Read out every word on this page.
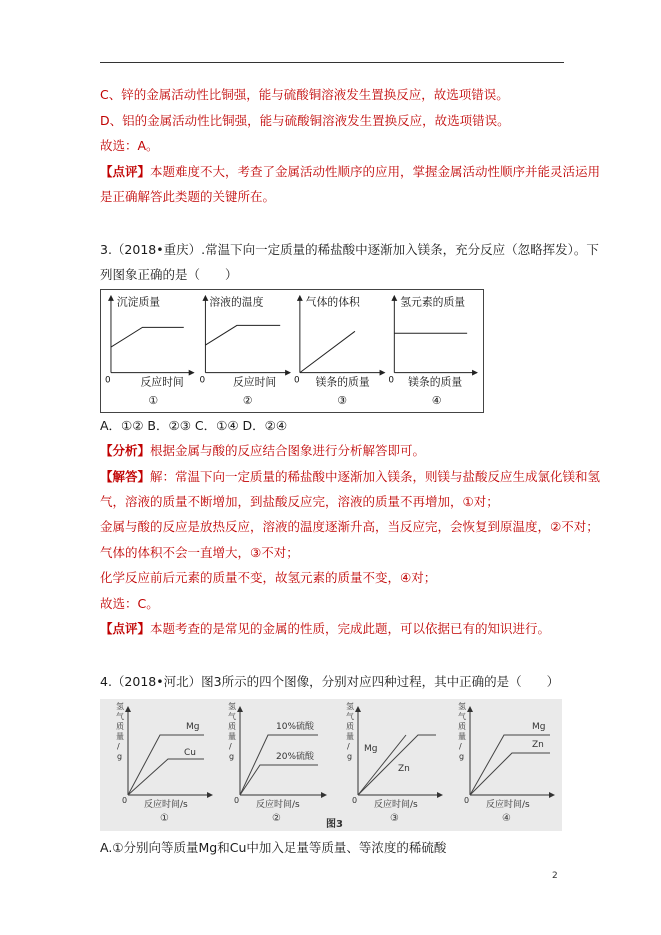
C、锌的金属活动性比铜强，能与硫酸铜溶液发生置换反应，故选项错误。
D、铝的金属活动性比铜强，能与硫酸铜溶液发生置换反应，故选项错误。
故选：A。
【点评】本题难度不大，考查了金属活动性顺序的应用，掌握金属活动性顺序并能灵活运用
是正确解答此类题的关键所在。
3.（2018•重庆）.常温下向一定质量的稀盐酸中逐渐加入镁条，充分反应（忽略挥发）。下
列图象正确的是（　　）
沉淀质量
0	反应时间
①
溶液的温度
0	反应时间
②
气体的体积
0 镁条的质量
③
氢元素的质量
0 镁条的质量
④
A．①② B．②③ C．①④ D．②④
【分析】根据金属与酸的反应结合图象进行分析解答即可。
【解答】解：常温下向一定质量的稀盐酸中逐渐加入镁条，则镁与盐酸反应生成氯化镁和氢
气，溶液的质量不断增加，到盐酸反应完，溶液的质量不再增加，①对；
金属与酸的反应是放热反应，溶液的温度逐渐升高，当反应完，会恢复到原温度，②不对；
气体的体积不会一直增大，③不对；
化学反应前后元素的质量不变，故氢元素的质量不变，④对；
故选：C。
【点评】本题考查的是常见的金属的性质，完成此题，可以依据已有的知识进行。
4.（2018•河北）图3所示的四个图像，分别对应四种过程，其中正确的是（　　）
氢
气
质
量
/
g
Mg
Cu
0 反应时间/s
①
氢
气
质
量
/
g
10%硫酸
20%硫酸
0 反应时间/s
②
氢
气
质
量
/
g
Mg
Zn
0 反应时间/s
③
氢
气
质
量
/
g
Mg
Zn
0 反应时间/s
④
图3
A.①分别向等质量Mg和Cu中加入足量等质量、等浓度的稀硫酸
2
